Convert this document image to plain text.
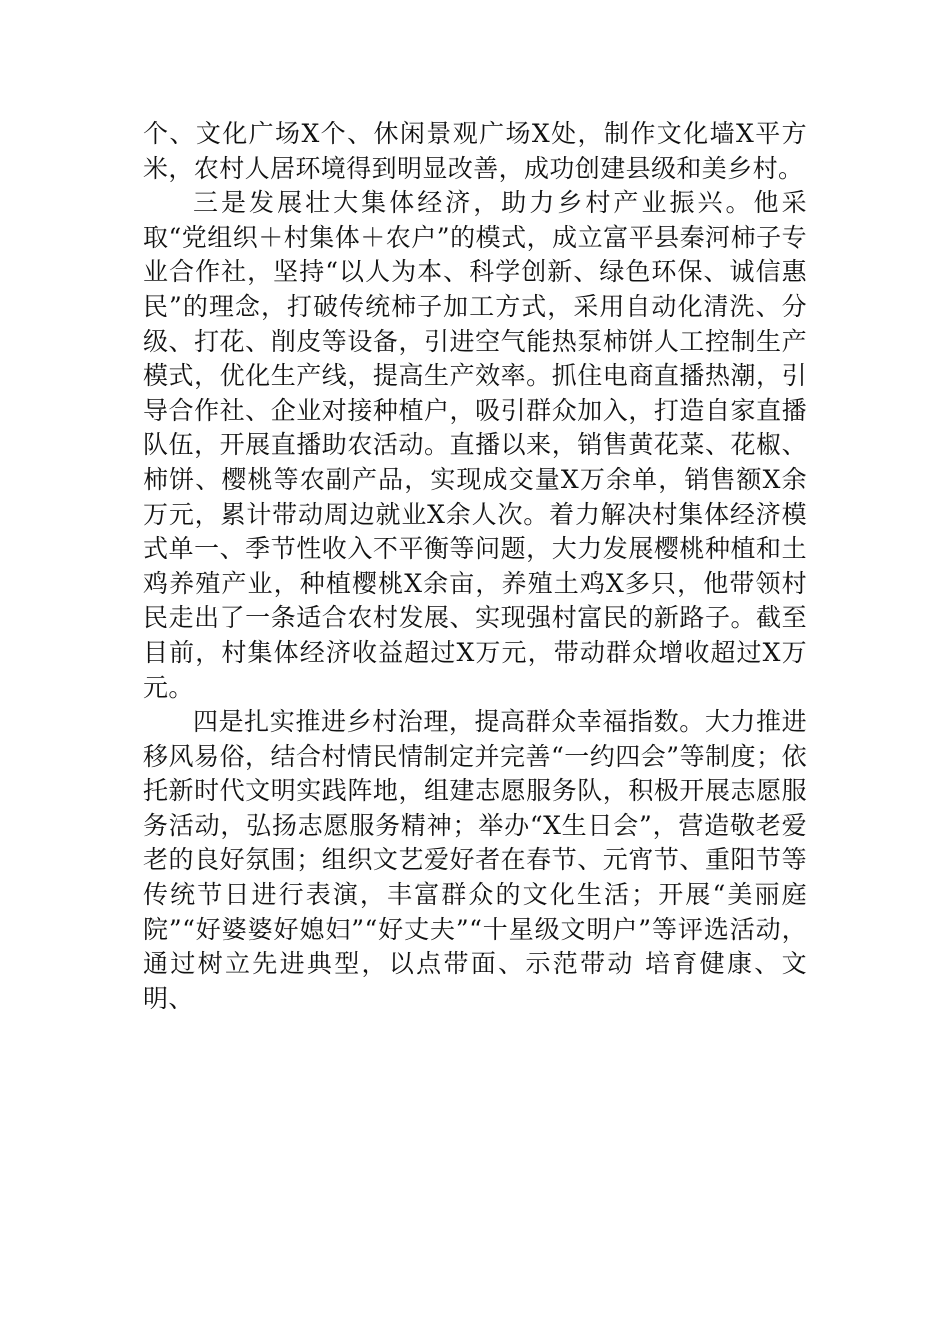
个、文化广场X个、休闲景观广场X处，制作文化墙X平方米，农村人居环境得到明显改善，成功创建县级和美乡村。

三是发展壮大集体经济，助力乡村产业振兴。他采取“党组织＋村集体＋农户”的模式，成立富平县秦河柿子专业合作社，坚持“以人为本、科学创新、绿色环保、诚信惠民”的理念，打破传统柿子加工方式，采用自动化清洗、分级、打花、削皮等设备，引进空气能热泵柿饼人工控制生产模式，优化生产线，提高生产效率。抓住电商直播热潮，引导合作社、企业对接种植户，吸引群众加入，打造自家直播队伍，开展直播助农活动。直播以来，销售黄花菜、花椒、柿饼、樱桃等农副产品，实现成交量X万余单，销售额X余万元，累计带动周边就业X余人次。着力解决村集体经济模式单一、季节性收入不平衡等问题，大力发展樱桃种植和土鸡养殖产业，种植樱桃X余亩，养殖土鸡X多只，他带领村民走出了一条适合农村发展、实现强村富民的新路子。截至目前，村集体经济收益超过X万元，带动群众增收超过X万元。

四是扎实推进乡村治理，提高群众幸福指数。大力推进移风易俗，结合村情民情制定并完善“一约四会”等制度；依托新时代文明实践阵地，组建志愿服务队，积极开展志愿服务活动，弘扬志愿服务精神；举办“X生日会”，营造敬老爱老的良好氛围；组织文艺爱好者在春节、元宵节、重阳节等传统节日进行表演，丰富群众的文化生活；开展“美丽庭院”“好婆婆好媳妇”“好丈夫”“十星级文明户”等评选活动，通过树立先进典型，以点带面、示范带动 培育健康、文明、
